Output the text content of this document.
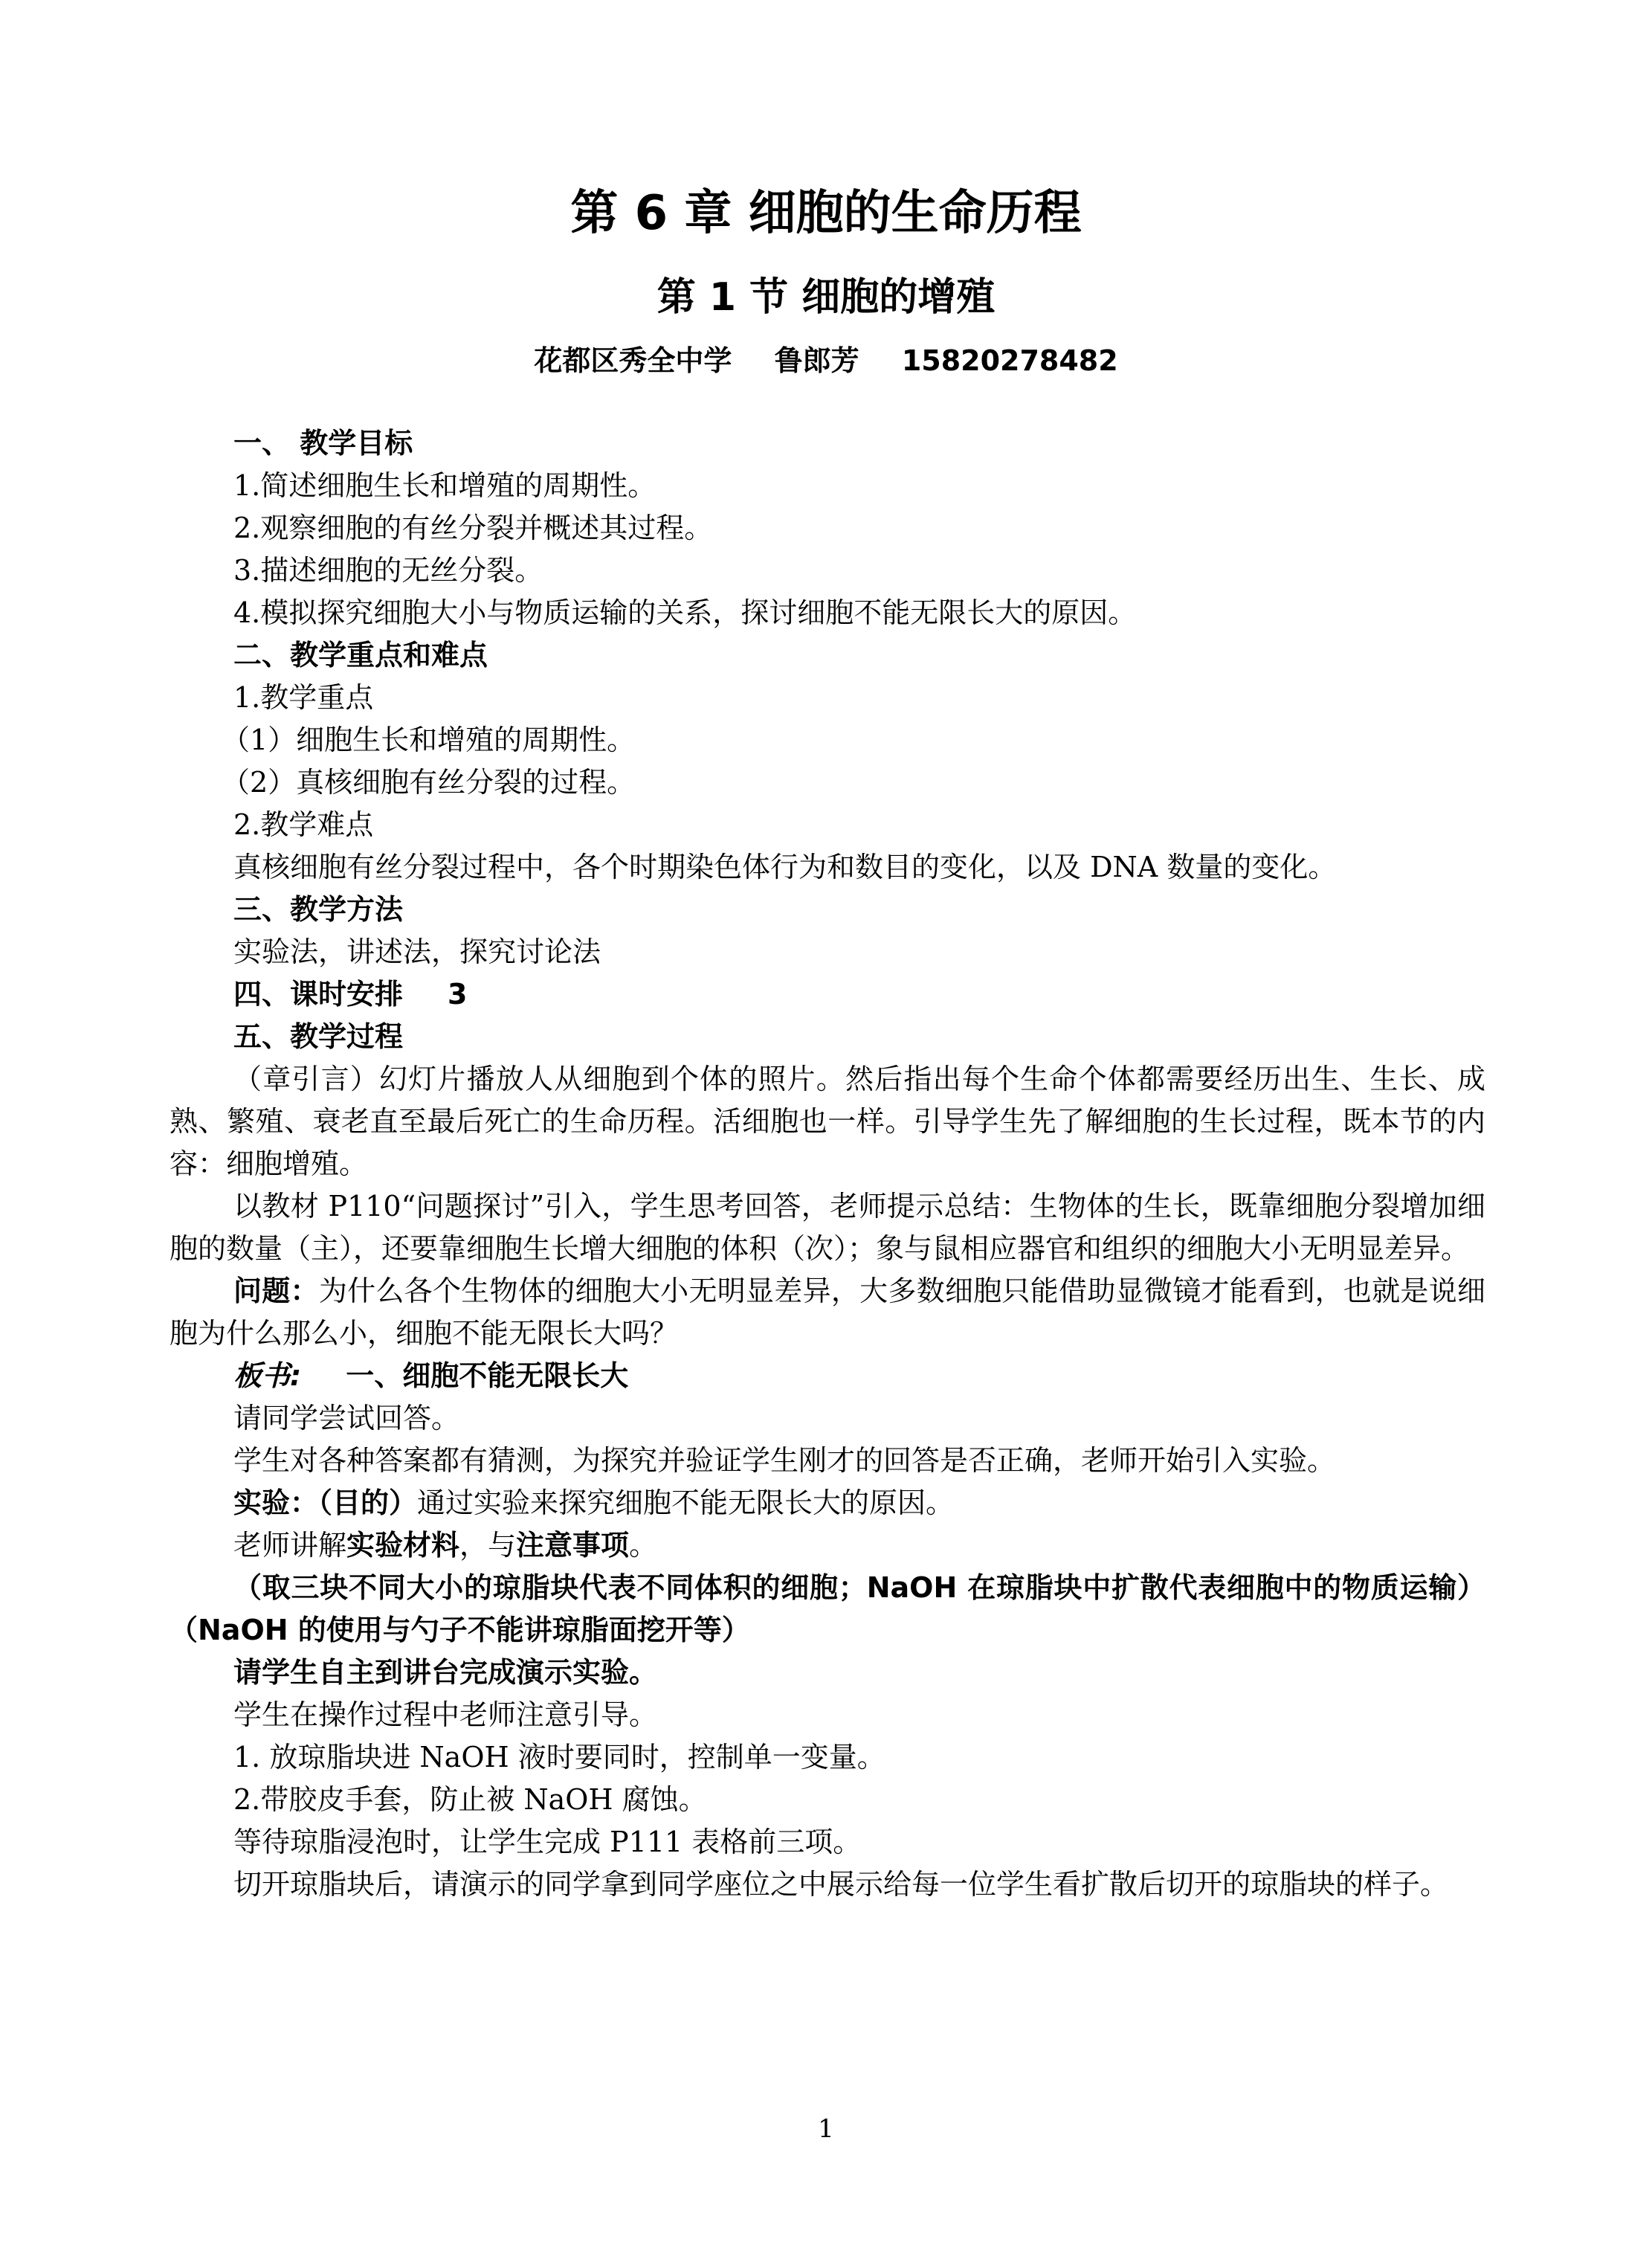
第 6 章 细胞的生命历程
第 1 节 细胞的增殖
花都区秀全中学 鲁郎芳 15820278482

一、 教学目标

1.简述细胞生长和增殖的周期性。

2.观察细胞的有丝分裂并概述其过程。

3.描述细胞的无丝分裂。

4.模拟探究细胞大小与物质运输的关系，探讨细胞不能无限长大的原因。

二、教学重点和难点

1.教学重点

（1）细胞生长和增殖的周期性。

（2）真核细胞有丝分裂的过程。

2.教学难点

真核细胞有丝分裂过程中，各个时期染色体行为和数目的变化，以及 DNA 数量的变化。

三、教学方法

实验法，讲述法，探究讨论法

四、课时安排 3

五、教学过程

（章引言）幻灯片播放人从细胞到个体的照片。然后指出每个生命个体都需要经历出生、生长、成熟、繁殖、衰老直至最后死亡的生命历程。活细胞也一样。引导学生先了解细胞的生长过程，既本节的内容：细胞增殖。

以教材 P110“问题探讨”引入，学生思考回答，老师提示总结：生物体的生长，既靠细胞分裂增加细胞的数量（主），还要靠细胞生长增大细胞的体积（次）；象与鼠相应器官和组织的细胞大小无明显差异。

问题：为什么各个生物体的细胞大小无明显差异，大多数细胞只能借助显微镜才能看到，也就是说细胞为什么那么小，细胞不能无限长大吗？

板书: 一、细胞不能无限长大

请同学尝试回答。

学生对各种答案都有猜测，为探究并验证学生刚才的回答是否正确，老师开始引入实验。

实验：（目的）通过实验来探究细胞不能无限长大的原因。

老师讲解实验材料，与注意事项。

（取三块不同大小的琼脂块代表不同体积的细胞；NaOH 在琼脂块中扩散代表细胞中的物质运输）（NaOH 的使用与勺子不能讲琼脂面挖开等）

请学生自主到讲台完成演示实验。

学生在操作过程中老师注意引导。

1. 放琼脂块进 NaOH 液时要同时，控制单一变量。

2.带胶皮手套，防止被 NaOH 腐蚀。

等待琼脂浸泡时，让学生完成 P111 表格前三项。

切开琼脂块后，请演示的同学拿到同学座位之中展示给每一位学生看扩散后切开的琼脂块的样子。

1
